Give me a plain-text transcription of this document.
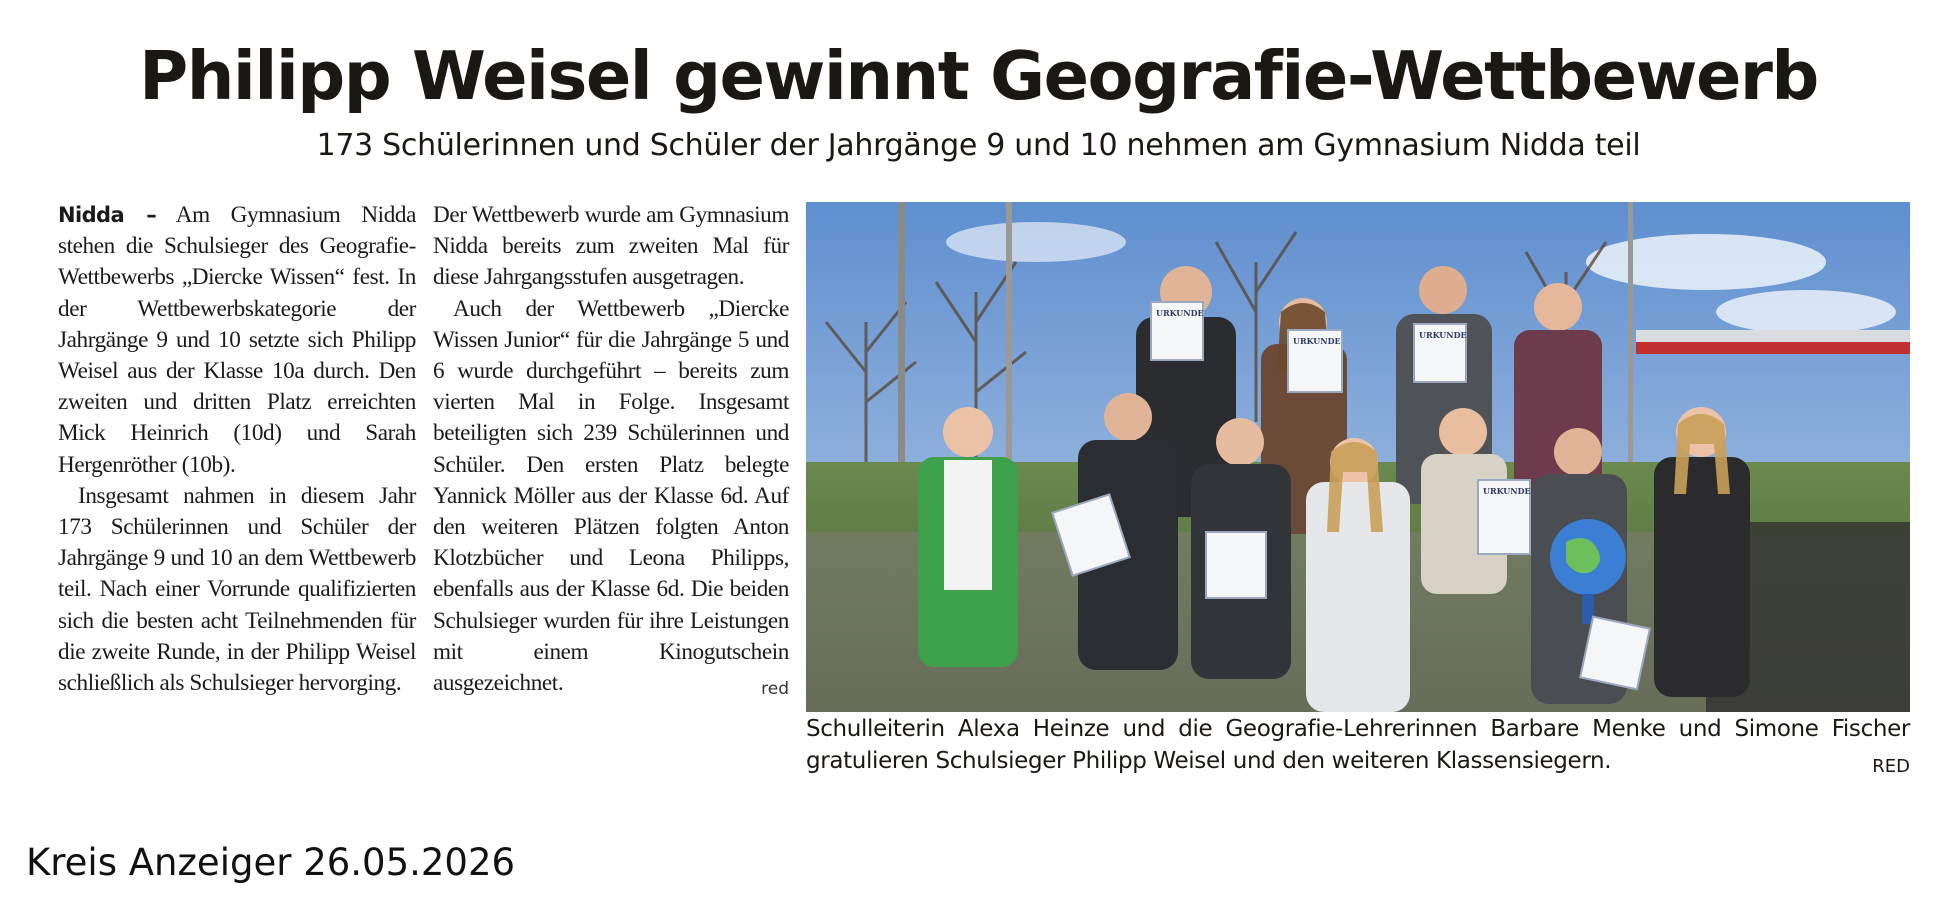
Philipp Weisel gewinnt Geografie-Wettbewerb
173 Schülerinnen und Schüler der Jahrgänge 9 und 10 nehmen am Gymnasium Nidda teil

Nidda – Am Gymnasium Nidda stehen die Schulsieger des Geografie-Wettbewerbs „Diercke Wissen“ fest. In der Wettbewerbskategorie der Jahrgänge 9 und 10 setzte sich Philipp Weisel aus der Klasse 10a durch. Den zweiten und dritten Platz erreichten Mick Heinrich (10d) und Sarah Hergenröther (10b).

Insgesamt nahmen in diesem Jahr 173 Schülerinnen und Schüler der Jahrgänge 9 und 10 an dem Wettbewerb teil. Nach einer Vorrunde qualifizierten sich die besten acht Teilnehmenden für die zweite Runde, in der Philipp Weisel schließlich als Schulsieger hervorging.

Der Wettbewerb wurde am Gymnasium Nidda bereits zum zweiten Mal für diese Jahrgangsstufen ausgetragen.

Auch der Wettbewerb „Diercke Wissen Junior“ für die Jahrgänge 5 und 6 wurde durchgeführt – bereits zum vierten Mal in Folge. Insgesamt beteiligten sich 239 Schülerinnen und Schüler. Den ersten Platz belegte Yannick Möller aus der Klasse 6d. Auf den weiteren Plätzen folgten Anton Klotzbücher und Leona Philipps, ebenfalls aus der Klasse 6d. Die beiden Schulsieger wurden für ihre Leistungen mit einem Kinogutschein ausgezeichnet.	red

URKUNDE
URKUNDE
URKUNDE
URKUNDE
Schulleiterin Alexa Heinze und die Geografie-Lehrerinnen Barbare Menke und Simone Fischer gratulieren Schulsieger Philipp Weisel und den weiteren Klassensiegern.	RED
Kreis Anzeiger 26.05.2026
